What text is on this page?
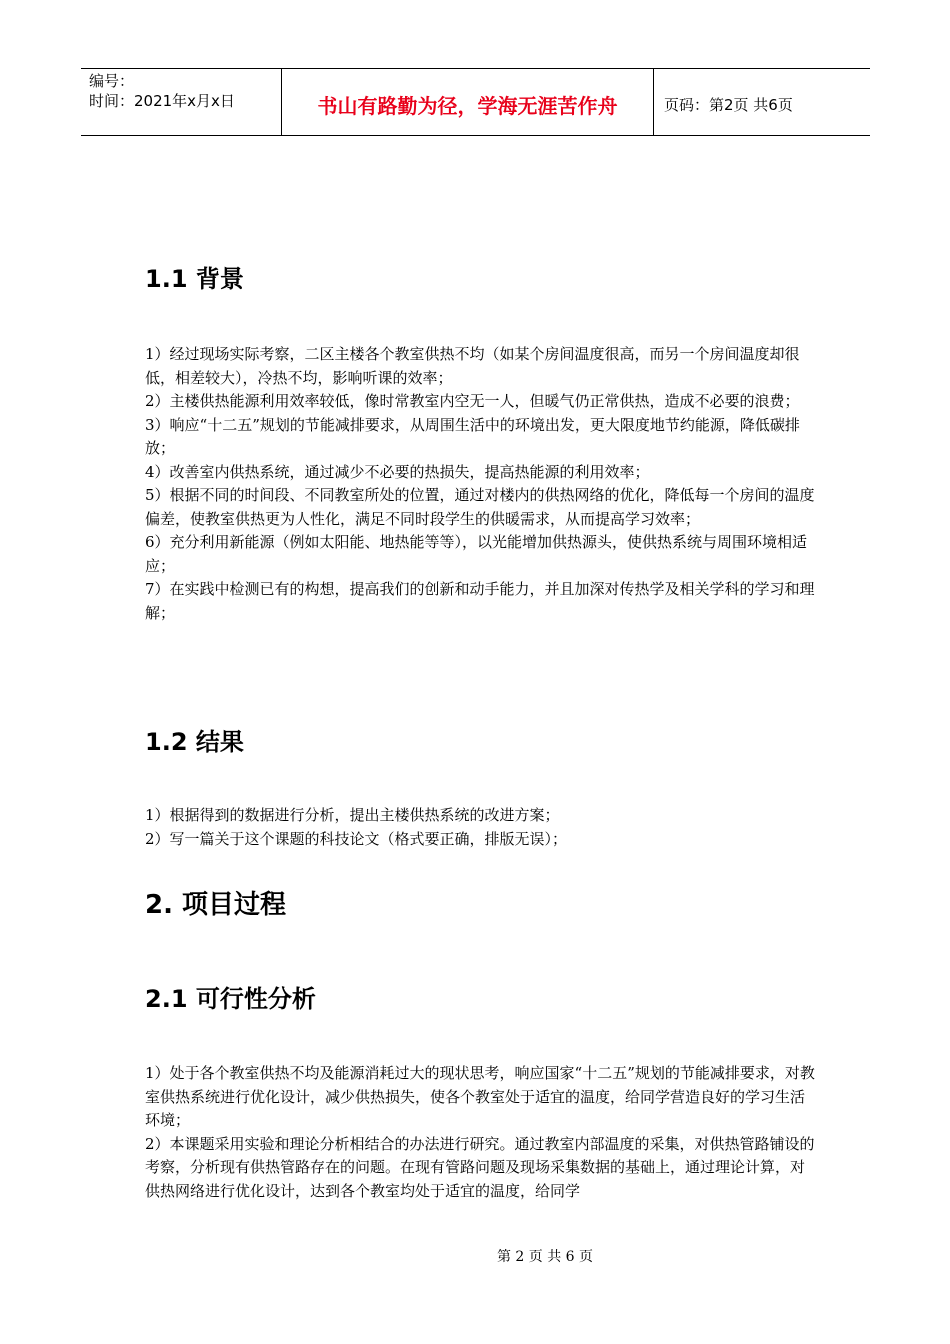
编号：
时间：2021年x月x日	书山有路勤为径，学海无涯苦作舟	页码：第2页 共6页
1.1 背景

1）经过现场实际考察，二区主楼各个教室供热不均（如某个房间温度很高，而另一个房间温度却很低，相差较大），冷热不均，影响听课的效率；

2）主楼供热能源利用效率较低，像时常教室内空无一人，但暖气仍正常供热，造成不必要的浪费；

3）响应“十二五”规划的节能减排要求，从周围生活中的环境出发，更大限度地节约能源，降低碳排放；

4）改善室内供热系统，通过减少不必要的热损失，提高热能源的利用效率；

5）根据不同的时间段、不同教室所处的位置，通过对楼内的供热网络的优化，降低每一个房间的温度偏差，使教室供热更为人性化，满足不同时段学生的供暖需求，从而提高学习效率；

6）充分利用新能源（例如太阳能、地热能等等），以光能增加供热源头，使供热系统与周围环境相适应；

7）在实践中检测已有的构想，提高我们的创新和动手能力，并且加深对传热学及相关学科的学习和理解；

1.2 结果

1）根据得到的数据进行分析，提出主楼供热系统的改进方案；

2）写一篇关于这个课题的科技论文（格式要正确，排版无误）；

2. 项目过程
2.1 可行性分析

1）处于各个教室供热不均及能源消耗过大的现状思考，响应国家“十二五”规划的节能减排要求，对教室供热系统进行优化设计，减少供热损失，使各个教室处于适宜的温度，给同学营造良好的学习生活环境；

2）本课题采用实验和理论分析相结合的办法进行研究。通过教室内部温度的采集，对供热管路铺设的考察，分析现有供热管路存在的问题。在现有管路问题及现场采集数据的基础上，通过理论计算，对供热网络进行优化设计，达到各个教室均处于适宜的温度，给同学

第 2 页 共 6 页
